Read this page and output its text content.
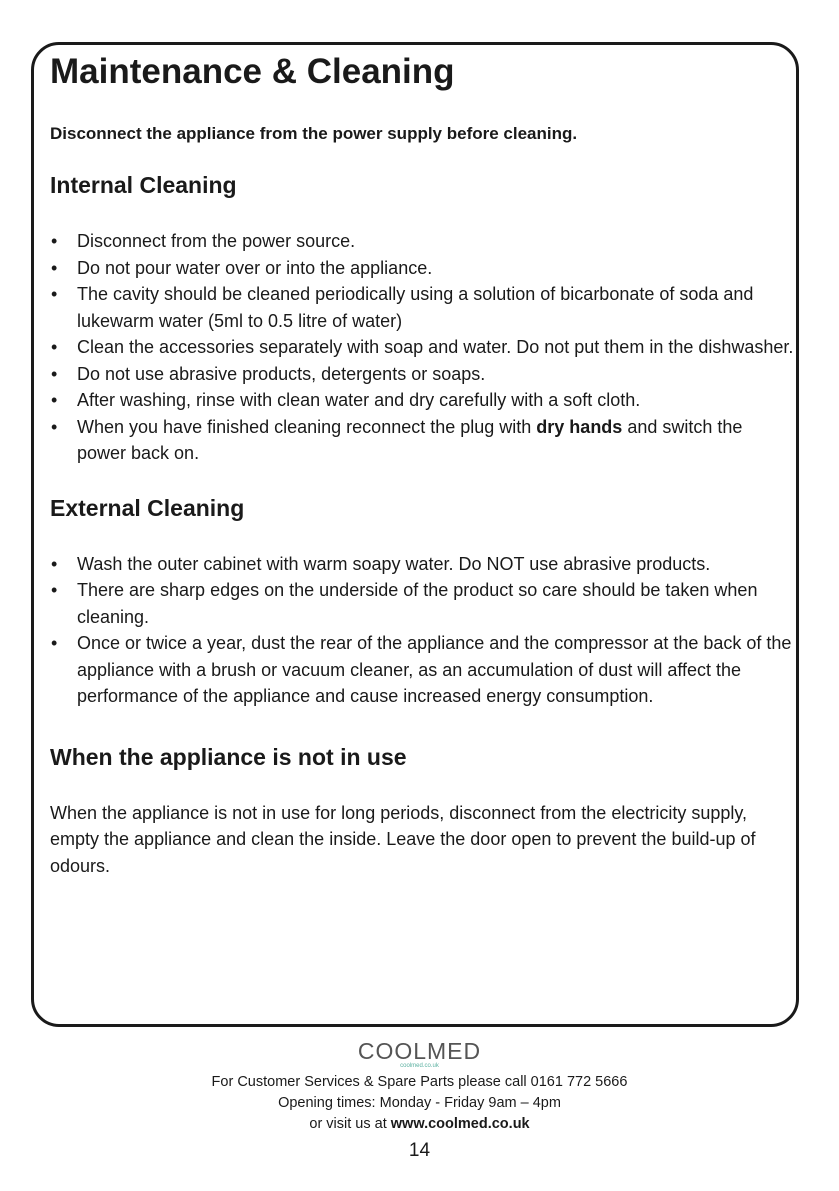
Maintenance & Cleaning

Disconnect the appliance from the power supply before cleaning.

Internal Cleaning
• Disconnect from the power source.
• Do not pour water over or into the appliance.
• The cavity should be cleaned periodically using a solution of bicarbonate of soda and lukewarm water (5ml to 0.5 litre of water)
• Clean the accessories separately with soap and water. Do not put them in the dishwasher.
• Do not use abrasive products, detergents or soaps.
• After washing, rinse with clean water and dry carefully with a soft cloth.
• When you have finished cleaning reconnect the plug with dry hands and switch the power back on.
External Cleaning
• Wash the outer cabinet with warm soapy water. Do NOT use abrasive products.
• There are sharp edges on the underside of the product so care should be taken when cleaning.
• Once or twice a year, dust the rear of the appliance and the compressor at the back of the appliance with a brush or vacuum cleaner, as an accumulation of dust will affect the performance of the appliance and cause increased energy consumption.
When the appliance is not in use

When the appliance is not in use for long periods, disconnect from the electricity supply, empty the appliance and clean the inside. Leave the door open to prevent the build-up of odours.

COOLMED
coolmed.co.uk
For Customer Services & Spare Parts please call 0161 772 5666
Opening times: Monday - Friday 9am – 4pm
or visit us at www.coolmed.co.uk
14
